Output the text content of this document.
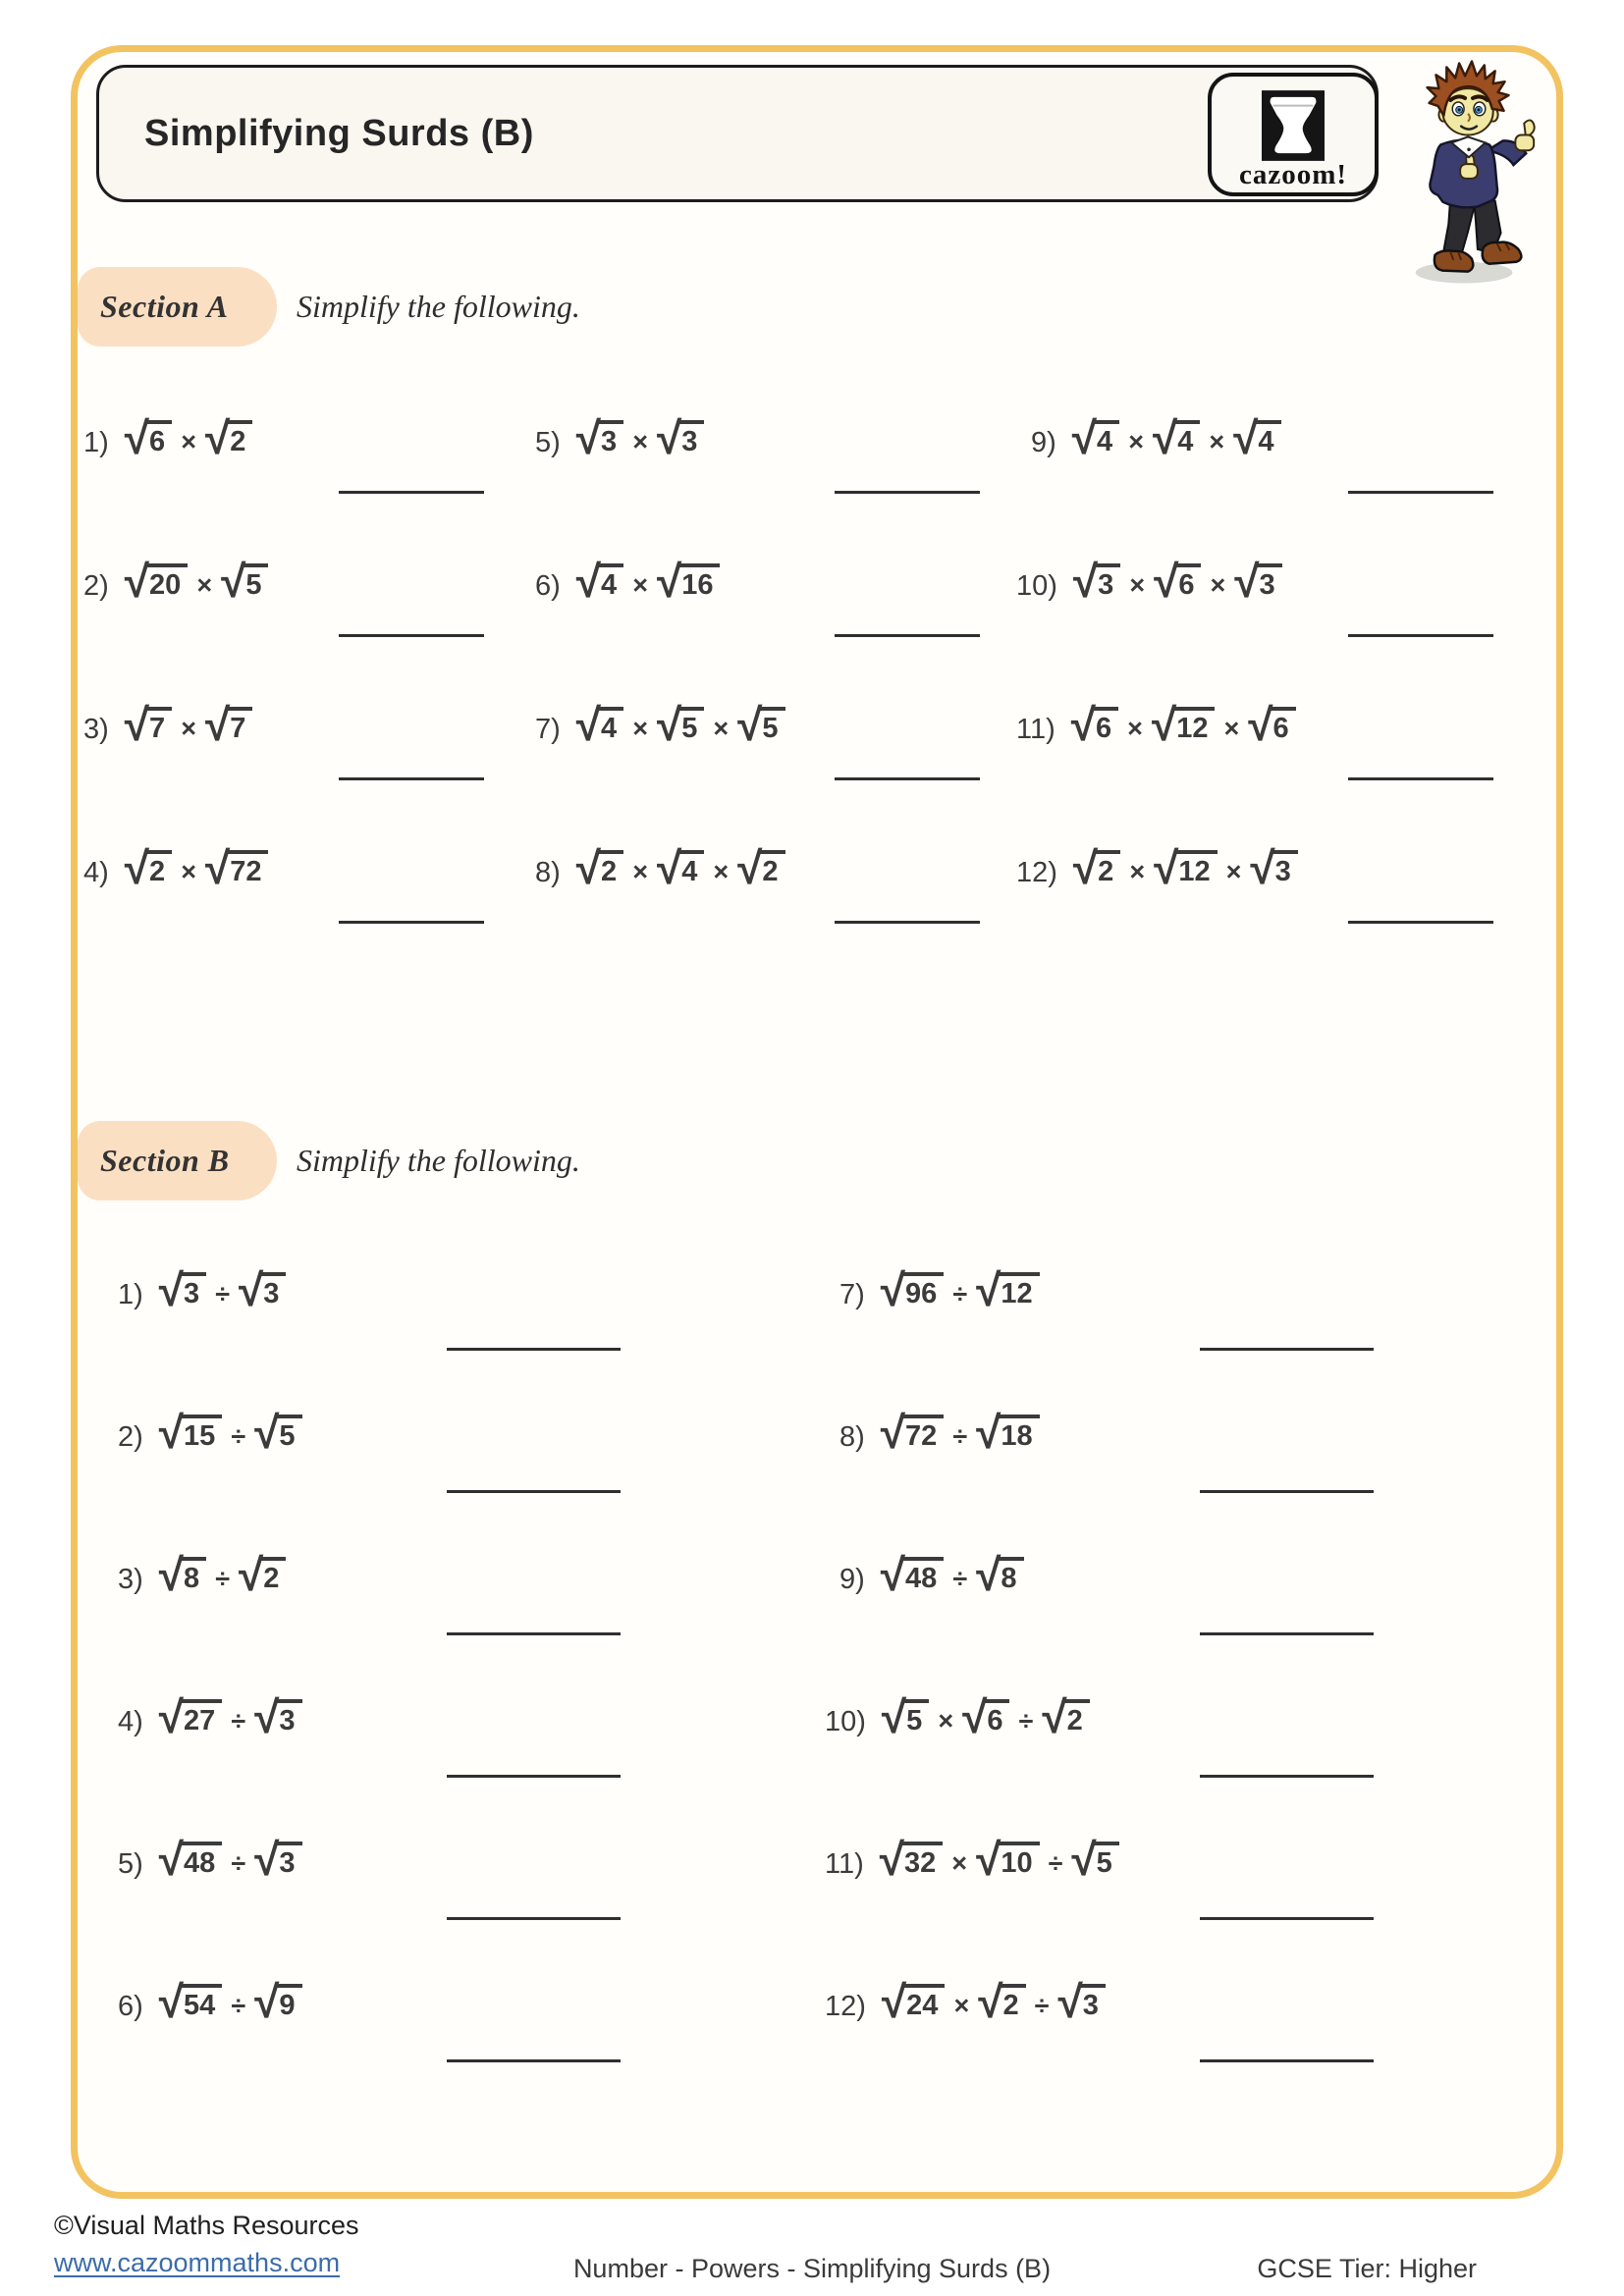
Simplifying Surds (B)
cazoom!
Section A Simplify the following.
Section B Simplify the following.
1) √ 6 × √ 2
2) √ 20 × √ 5
3) √ 7 × √ 7
4) √ 2 × √ 72
5) √ 3 × √ 3
6) √ 4 × √ 16
7) √ 4 × √ 5 × √ 5
8) √ 2 × √ 4 × √ 2
9) √ 4 × √ 4 × √ 4
10) √ 3 × √ 6 × √ 3
11) √ 6 × √ 12 × √ 6
12) √ 2 × √ 12 × √ 3
1) √ 3 ÷ √ 3
2) √ 15 ÷ √ 5
3) √ 8 ÷ √ 2
4) √ 27 ÷ √ 3
5) √ 48 ÷ √ 3
6) √ 54 ÷ √ 9
7) √ 96 ÷ √ 12
8) √ 72 ÷ √ 18
9) √ 48 ÷ √ 8
10) √ 5 × √ 6 ÷ √ 2
11) √ 32 × √ 10 ÷ √ 5
12) √ 24 × √ 2 ÷ √ 3
©Visual Maths Resources
www.cazoommaths.com	Number - Powers - Simplifying Surds (B)	GCSE Tier: Higher
